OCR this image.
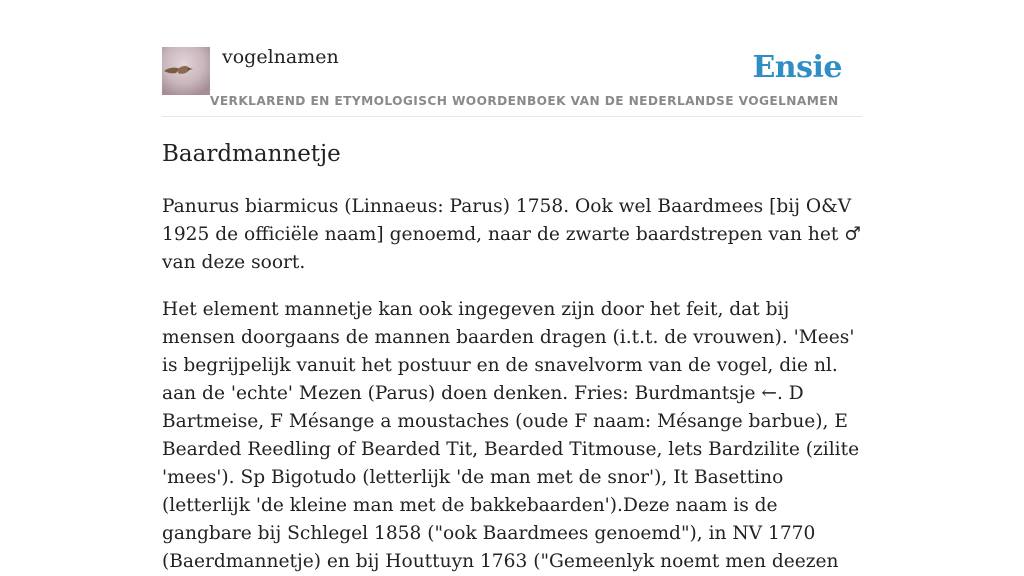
vogelnamen	Ensie
VERKLAREND EN ETYMOLOGISCH WOORDENBOEK VAN DE NEDERLANDSE VOGELNAMEN
Baardmannetje

Panurus biarmicus (Linnaeus: Parus) 1758. Ook wel Baardmees [bij O&V 1925 de officiële naam] genoemd, naar de zwarte baardstrepen van het ♂ van deze soort.

Het element mannetje kan ook ingegeven zijn door het feit, dat bij mensen doorgaans de mannen baarden dragen (i.t.t. de vrouwen). 'Mees' is begrijpelijk vanuit het postuur en de snavelvorm van de vogel, die nl. aan de 'echte' Mezen (Parus) doen denken. Fries: Burdmantsje ←. D Bartmeise, F Mésange a moustaches (oude F naam: Mésange barbue), E Bearded Reedling of Bearded Tit, Bearded Titmouse, lets Bardzilite (zilite 'mees'). Sp Bigotudo (letterlijk 'de man met de snor'), It Basettino (letterlijk 'de kleine man met de bakkebaarden').Deze naam is de gangbare bij Schlegel 1858 ("ook Baardmees genoemd"), in NV 1770 (Baerdmannetje) en bij Houttuyn 1763 ("Gemeenlyk noemt men deezen
